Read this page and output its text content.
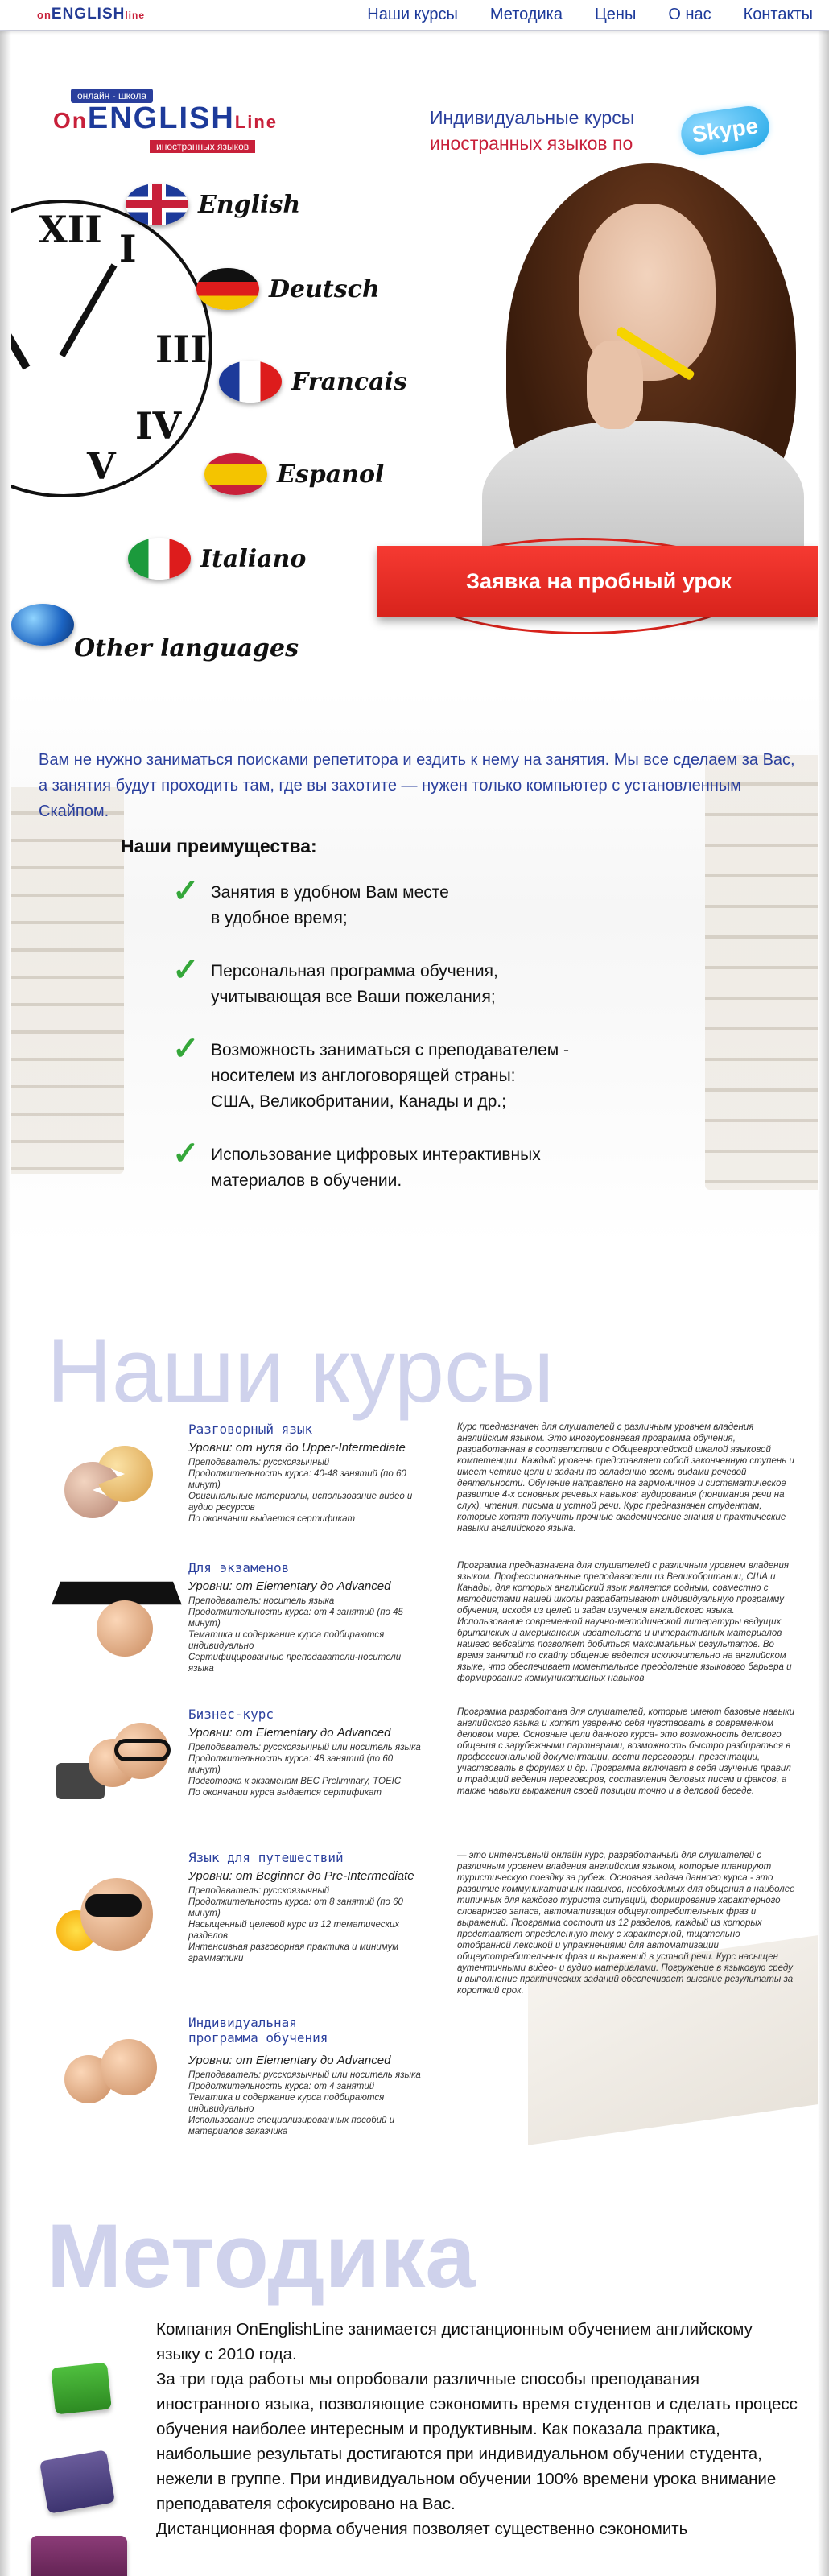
onENGLISHline	Наши курсы Методика Цены О нас Контакты
онлайн - школа
OnENGLISHLine
иностранных языков
Индивидуальные курсы
иностранных языков по	Skype
XII I
III
IV
V
English
Deutsch
Francais
Espanol
Italiano
Other languages
Заявка на пробный урок

Вам не нужно заниматься поисками репетитора и ездить к нему на занятия. Мы все сделаем за Вас, а занятия будут проходить там, где вы захотите — нужен только компьютер с установленным Скайпом.

Наши преимущества:
✓ Занятия в удобном Вам месте
в удобное время;
✓ Персональная программа обучения,
учитывающая все Ваши пожелания;
✓ Возможность заниматься с преподавателем -
носителем из англоговорящей страны:
США, Великобритании, Канады и др.;
✓ Использование цифровых интерактивных
материалов в обучении.
Наши курсы
Разговорный язык
Уровни: от нуля до Upper-Intermediate
Преподаватель: русскоязычный
Продолжительность курса: 40-48 занятий (по 60 минут)
Оригинальные материалы, использование видео и аудио ресурсов
По окончании выдается сертификат

Курс предназначен для слушателей с различным уровнем владения английским языком. Это многоуровневая программа обучения, разработанная в соответствии с Общеевропейской шкалой языковой компетенции. Каждый уровень представляет собой законченную ступень и имеет четкие цели и задачи по овладению всеми видами речевой деятельности. Обучение направлено на гармоничное и систематическое развитие 4-х основных речевых навыков: аудирования (понимания речи на слух), чтения, письма и устной речи. Курс предназначен студентам, которые хотят получить прочные академические знания и практические навыки английского языка.

Для экзаменов
Уровни: от Elementary до Advanced
Преподаватель: носитель языка
Продолжительность курса: от 4 занятий (по 45 минут)
Тематика и содержание курса подбираются индивидуально
Сертифицированные преподаватели-носители языка

Программа предназначена для слушателей с различным уровнем владения языком. Профессиональные преподаватели из Великобритании, США и Канады, для которых английский язык является родным, совместно с методистами нашей школы разрабатывают индивидуальную программу обучения, исходя из целей и задач изучения английского языка. Использование современной научно-методической литературы ведущих британских и американских издательств и интерактивных материалов нашего вебсайта позволяет добиться максимальных результатов. Во время занятий по скайпу общение ведется исключительно на английском языке, что обеспечивает моментальное преодоление языкового барьера и формирование коммуникативных навыков

Бизнес-курс
Уровни: от Elementary до Advanced
Преподаватель: русскоязычный или носитель языка
Продолжительность курса: 48 занятий (по 60 минут)
Подготовка к экзаменам BEC Preliminary, TOEIC
По окончании курса выдается сертификат

Программа разработана для слушателей, которые имеют базовые навыки английского языка и хотят уверенно себя чувствовать в современном деловом мире. Основные цели данного курса- это возможность делового общения с зарубежными партнерами, возможность быстро разбираться в профессиональной документации, вести переговоры, презентации, участвовать в форумах и др. Программа включает в себя изучение правил и традиций ведения переговоров, составления деловых писем и факсов, а также навыки выражения своей позиции точно и в деловой беседе.

Язык для путешествий
Уровни: от Beginner до Pre-Intermediate
Преподаватель: русскоязычный
Продолжительность курса: от 8 занятий (по 60 минут)
Насыщенный целевой курс из 12 тематических разделов
Интенсивная разговорная практика и минимум грамматики

— это интенсивный онлайн курс, разработанный для слушателей с различным уровнем владения английским языком, которые планируют туристическую поездку за рубеж. Основная задача данного курса - это развитие коммуникативных навыков, необходимых для общения в наиболее типичных для каждого туриста ситуаций, формирование характерного словарного запаса, автоматизация общеупотребительных фраз и выражений. Программа состоит из 12 разделов, каждый из которых представляет определенную тему с характерной, тщательно отобранной лексикой и упражнениями для автоматизации общеупотребительных фраз и выражений в устной речи. Курс насыщен аутентичными видео- и аудио материалами. Погружение в языковую среду и выполнение практических заданий обеспечивает высокие результаты за короткий срок.

Индивидуальная программа обучения
Уровни: от Elementary до Advanced
Преподаватель: русскоязычный или носитель языка
Продолжительность курса: от 4 занятий
Тематика и содержание курса подбираются индивидуально
Использование специализированных пособий и материалов заказчика
Методика

Компания OnEnglishLine занимается дистанционным обучением английскому языку с 2010 года.

За три года работы мы опробовали различные способы преподавания иностранного языка, позволяющие сэкономить время студентов и сделать процесс обучения наиболее интересным и продуктивным. Как показала практика, наибольшие результаты достигаются при индивидуальном обучении студента, нежели в группе. При индивидуальном обучении 100% времени урока внимание преподавателя сфокусировано на Вас.

Дистанционная форма обучения позволяет существенно сэкономить
